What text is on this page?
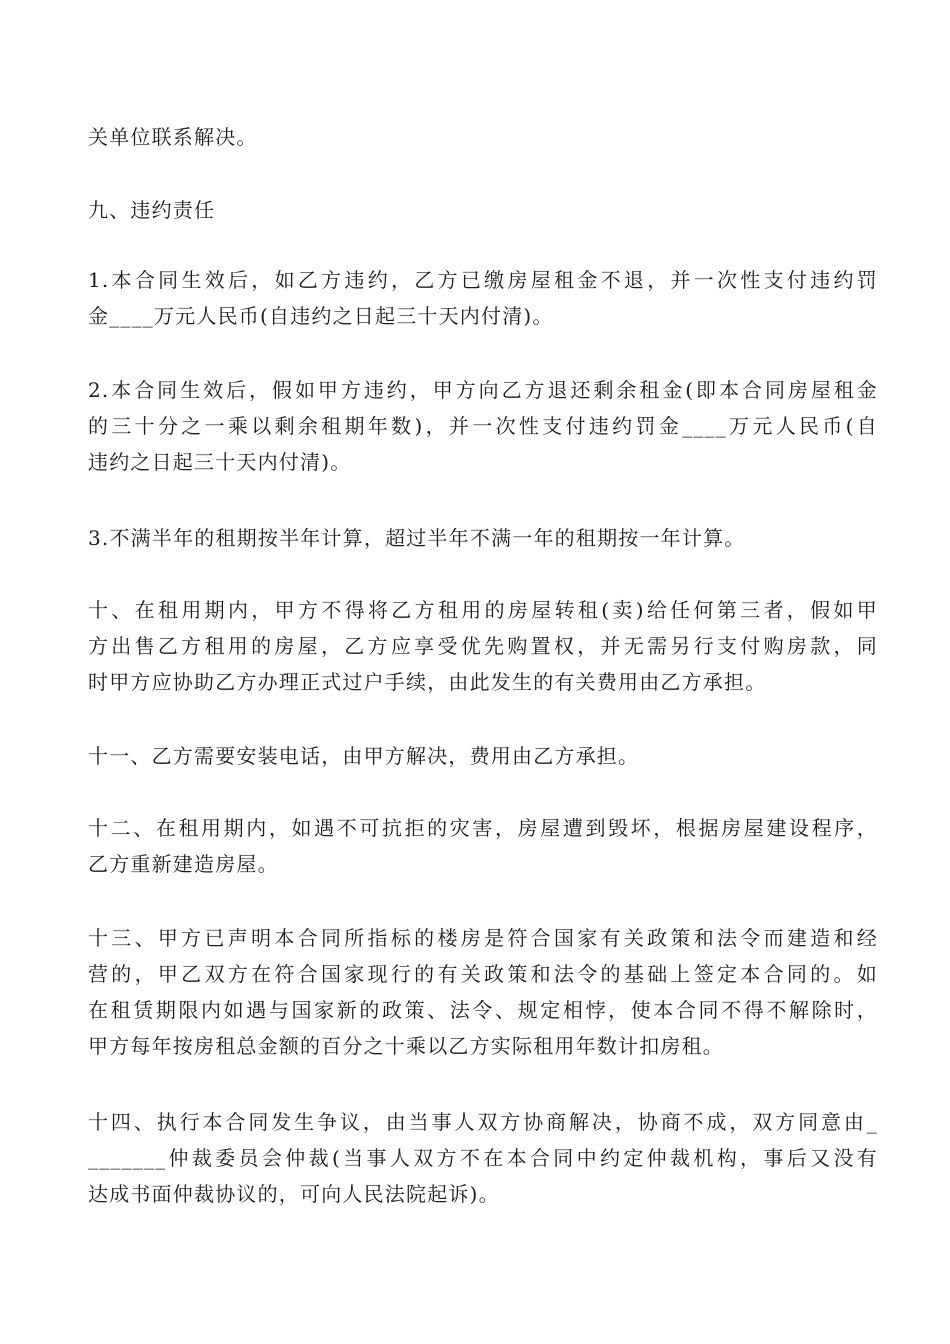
关单位联系解决。
九、违约责任
1.本合同生效后，如乙方违约，乙方已缴房屋租金不退，并一次性支付违约罚
金____万元人民币(自违约之日起三十天内付清)。
2.本合同生效后，假如甲方违约，甲方向乙方退还剩余租金(即本合同房屋租金
的三十分之一乘以剩余租期年数)，并一次性支付违约罚金____万元人民币(自
违约之日起三十天内付清)。
3.不满半年的租期按半年计算，超过半年不满一年的租期按一年计算。
十、在租用期内，甲方不得将乙方租用的房屋转租(卖)给任何第三者，假如甲
方出售乙方租用的房屋，乙方应享受优先购置权，并无需另行支付购房款，同
时甲方应协助乙方办理正式过户手续，由此发生的有关费用由乙方承担。
十一、乙方需要安装电话，由甲方解决，费用由乙方承担。
十二、在租用期内，如遇不可抗拒的灾害，房屋遭到毁坏，根据房屋建设程序，
乙方重新建造房屋。
十三、甲方已声明本合同所指标的楼房是符合国家有关政策和法令而建造和经
营的，甲乙双方在符合国家现行的有关政策和法令的基础上签定本合同的。如
在租赁期限内如遇与国家新的政策、法令、规定相悖，使本合同不得不解除时，
甲方每年按房租总金额的百分之十乘以乙方实际租用年数计扣房租。
十四、执行本合同发生争议，由当事人双方协商解决，协商不成，双方同意由_
_______仲裁委员会仲裁(当事人双方不在本合同中约定仲裁机构，事后又没有
达成书面仲裁协议的，可向人民法院起诉)。
